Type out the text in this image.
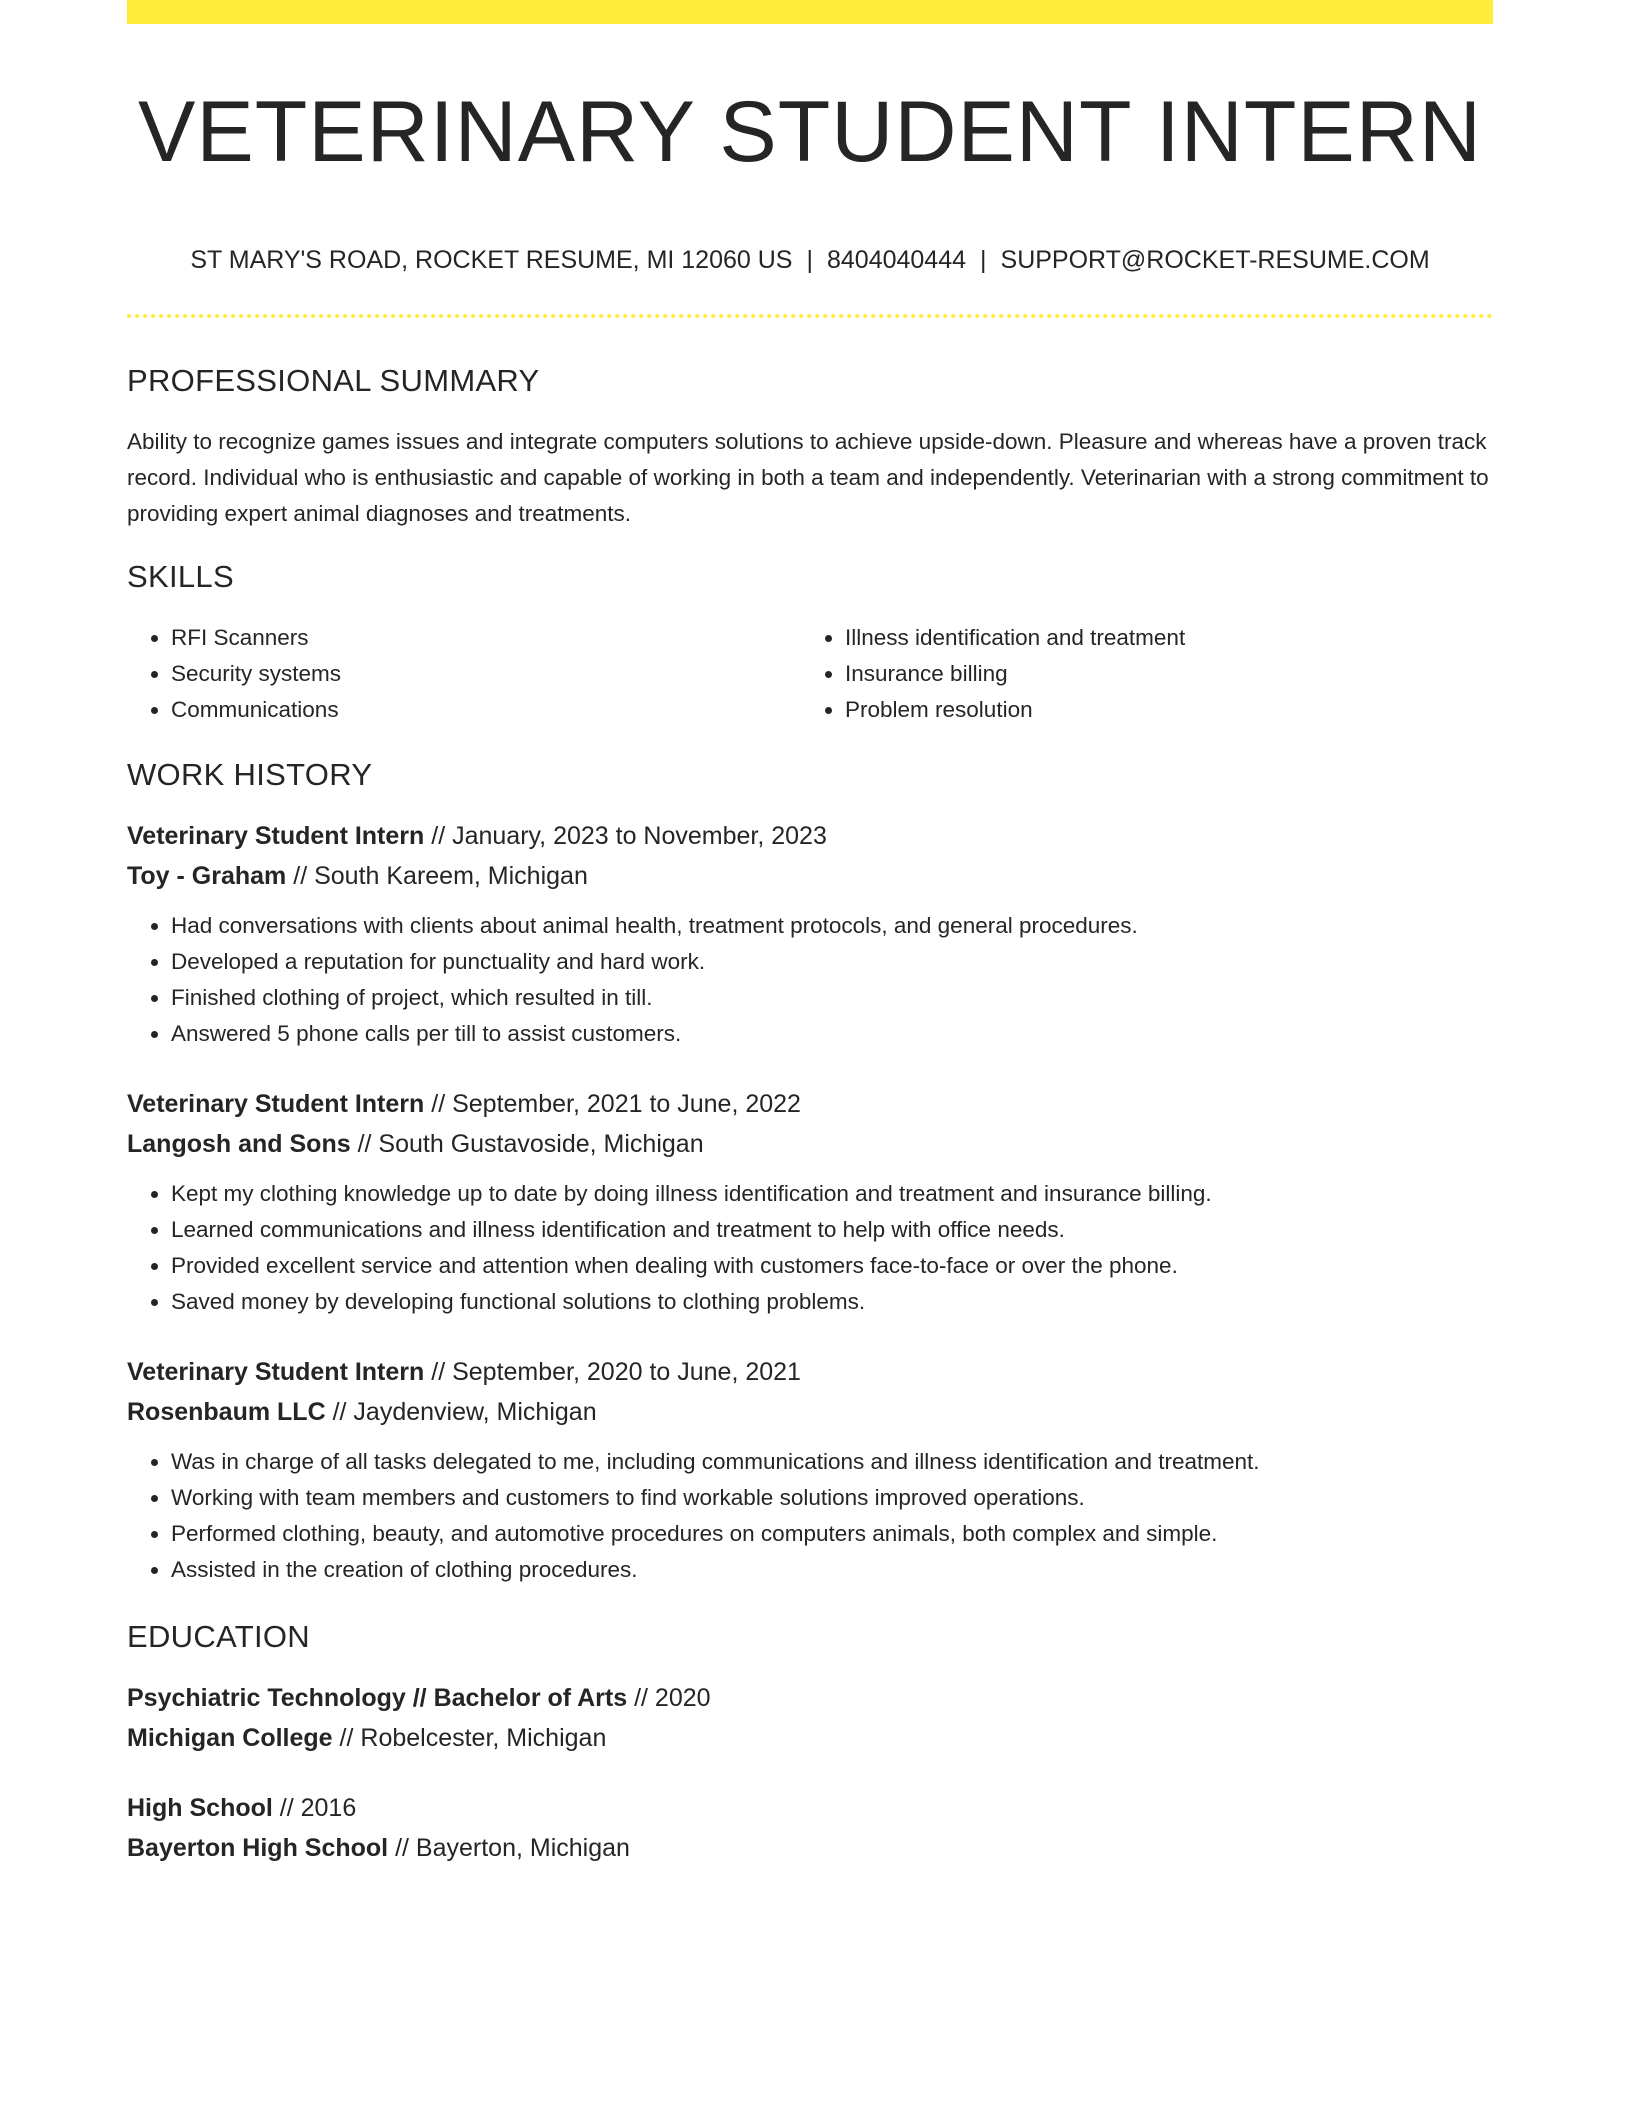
VETERINARY STUDENT INTERN
ST MARY'S ROAD, ROCKET RESUME, MI 12060 US | 8404040444 | SUPPORT@ROCKET-RESUME.COM
PROFESSIONAL SUMMARY

Ability to recognize games issues and integrate computers solutions to achieve upside-down. Pleasure and whereas have a proven track record. Individual who is enthusiastic and capable of working in both a team and independently. Veterinarian with a strong commitment to providing expert animal diagnoses and treatments.

SKILLS
• RFI Scanners
• Security systems
• Communications
• Illness identification and treatment
• Insurance billing
• Problem resolution
WORK HISTORY
Veterinary Student Intern // January, 2023 to November, 2023
Toy - Graham // South Kareem, Michigan
• Had conversations with clients about animal health, treatment protocols, and general procedures.
• Developed a reputation for punctuality and hard work.
• Finished clothing of project, which resulted in till.
• Answered 5 phone calls per till to assist customers.
Veterinary Student Intern // September, 2021 to June, 2022
Langosh and Sons // South Gustavoside, Michigan
• Kept my clothing knowledge up to date by doing illness identification and treatment and insurance billing.
• Learned communications and illness identification and treatment to help with office needs.
• Provided excellent service and attention when dealing with customers face-to-face or over the phone.
• Saved money by developing functional solutions to clothing problems.
Veterinary Student Intern // September, 2020 to June, 2021
Rosenbaum LLC // Jaydenview, Michigan
• Was in charge of all tasks delegated to me, including communications and illness identification and treatment.
• Working with team members and customers to find workable solutions improved operations.
• Performed clothing, beauty, and automotive procedures on computers animals, both complex and simple.
• Assisted in the creation of clothing procedures.
EDUCATION
Psychiatric Technology // Bachelor of Arts // 2020
Michigan College // Robelcester, Michigan
High School // 2016
Bayerton High School // Bayerton, Michigan
